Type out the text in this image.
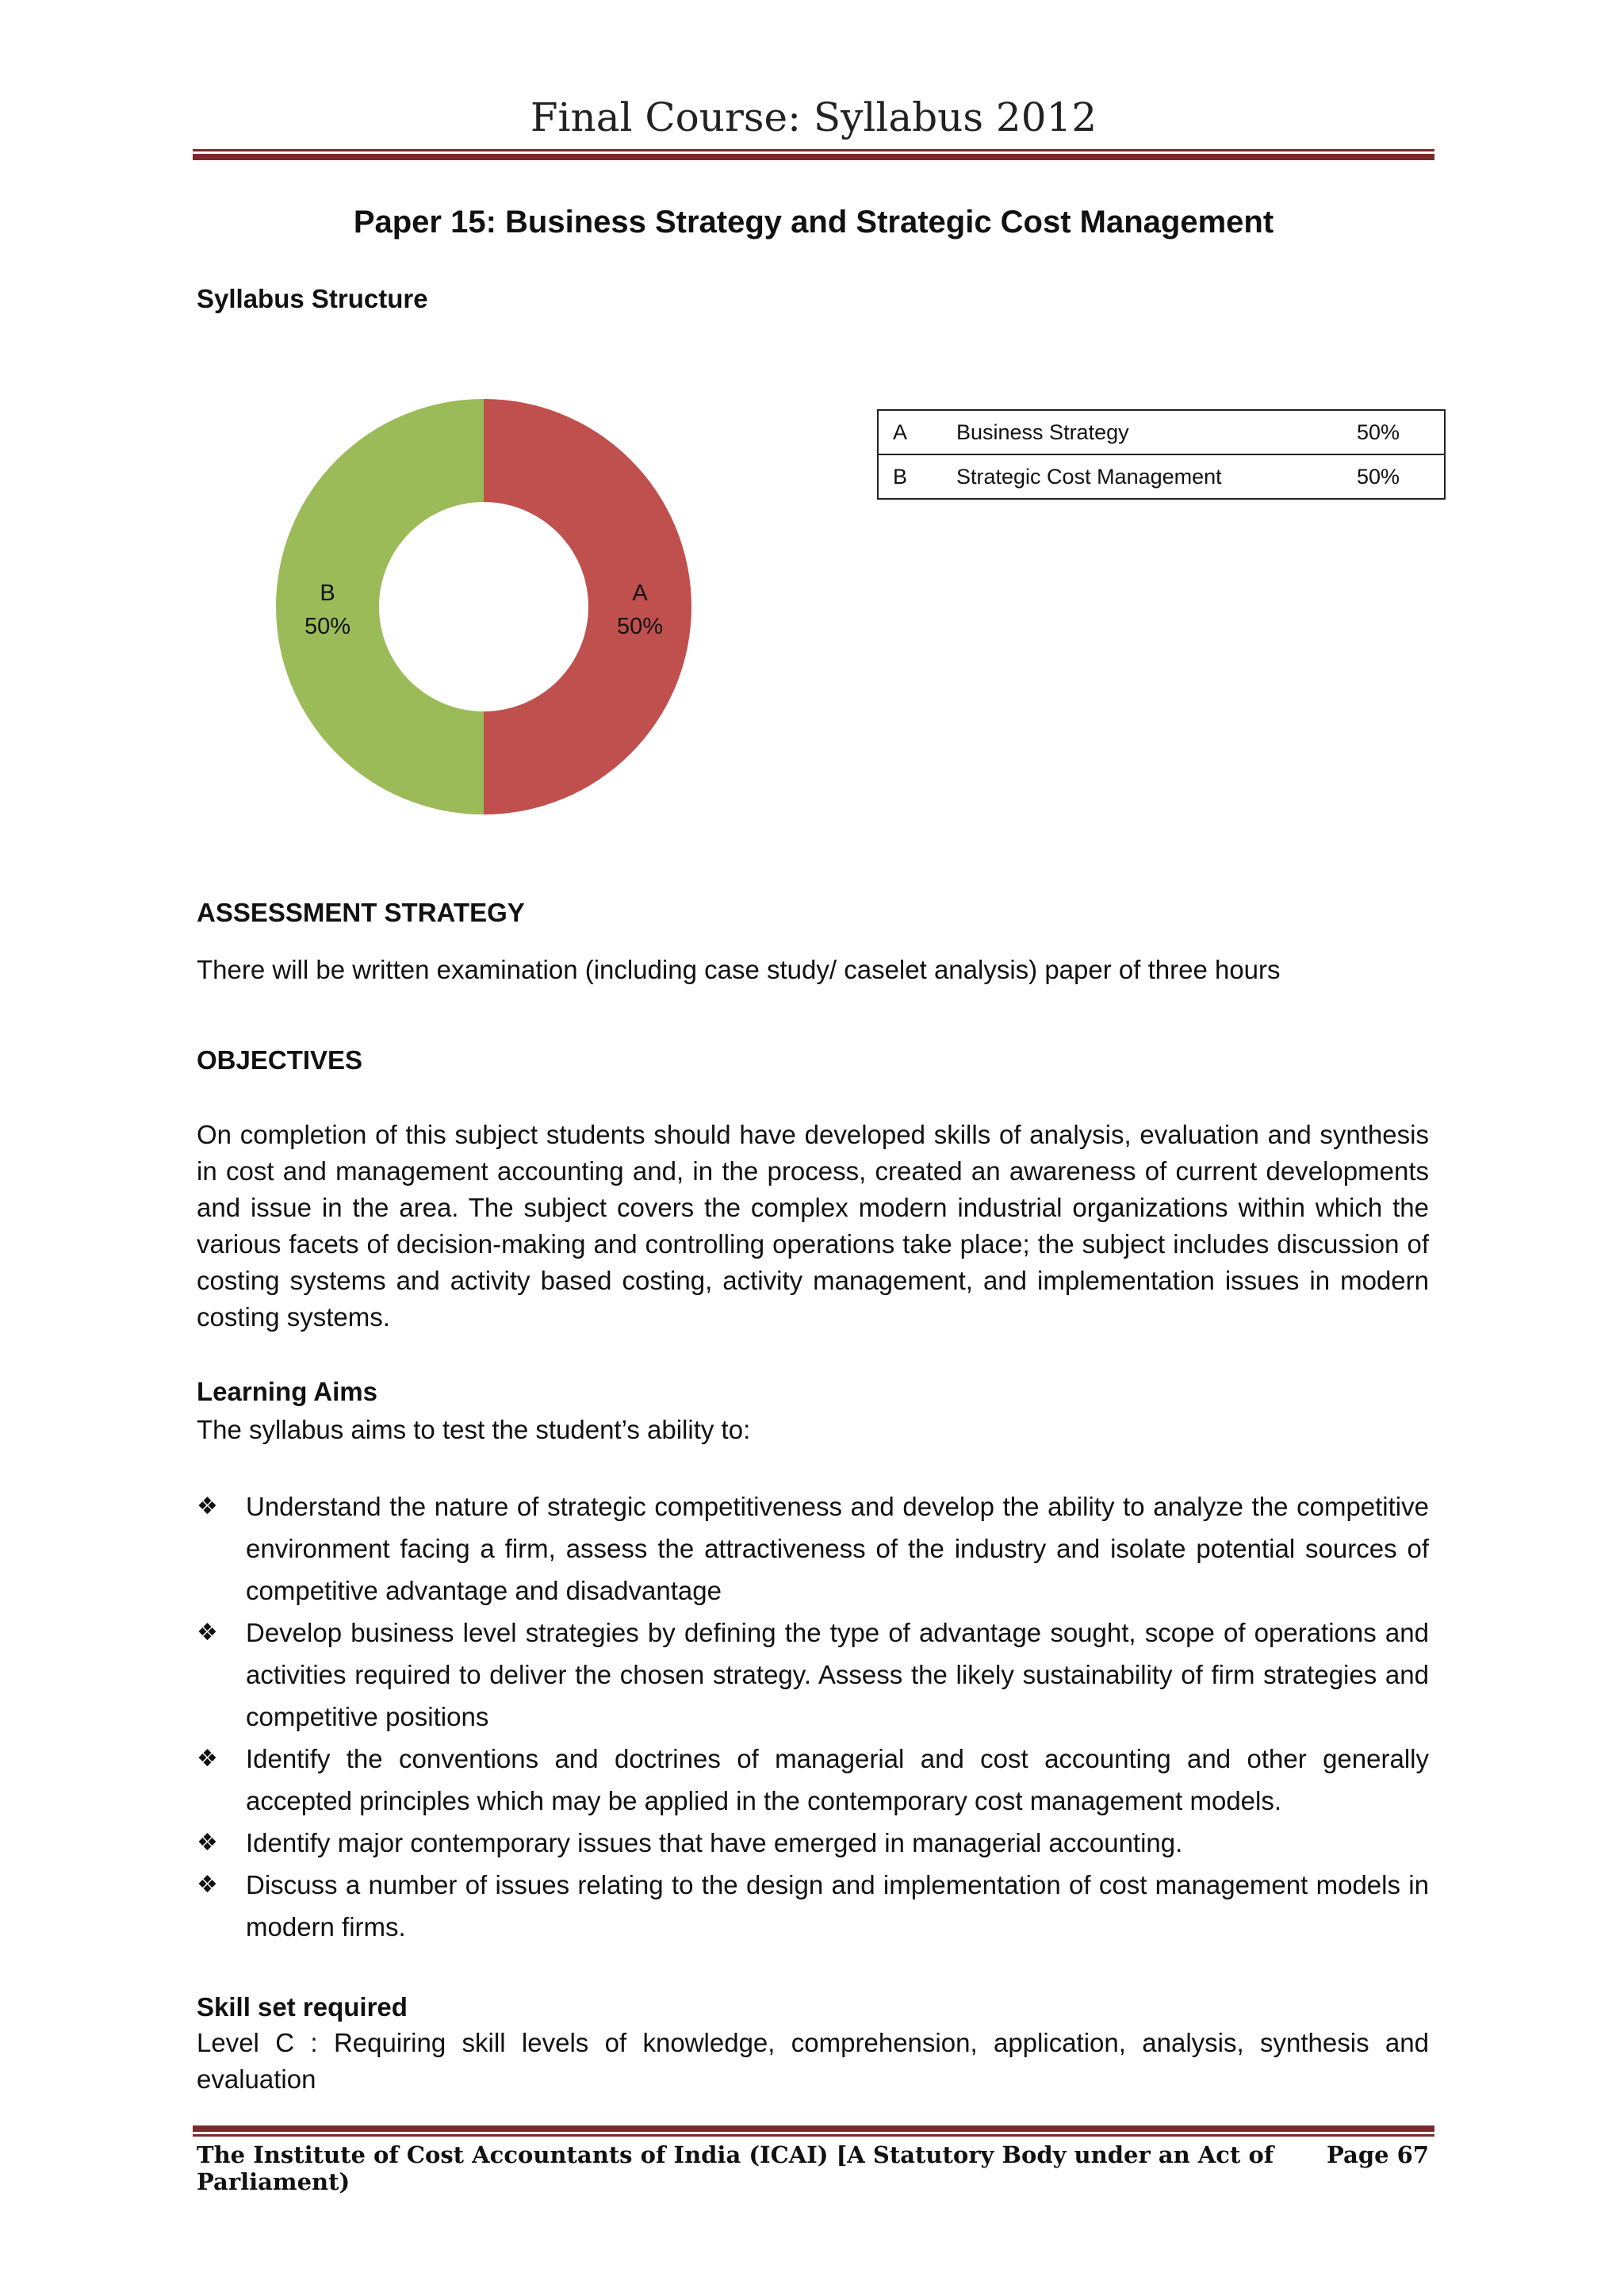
Final Course: Syllabus 2012
Paper 15: Business Strategy and Strategic Cost Management
Syllabus Structure
A
50%
B
50%
A	Business Strategy	50%
B	Strategic Cost Management	50%
ASSESSMENT STRATEGY
There will be written examination (including case study/ caselet analysis) paper of three hours
OBJECTIVES
On completion of this subject students should have developed skills of analysis, evaluation and synthesis in cost and management accounting and, in the process, created an awareness of current developments and issue in the area. The subject covers the complex modern industrial organizations within which the various facets of decision-making and controlling operations take place; the subject includes discussion of costing systems and activity based costing, activity management, and implementation issues in modern costing systems.
Learning Aims
The syllabus aims to test the student’s ability to:
❖ Understand the nature of strategic competitiveness and develop the ability to analyze the competitive environment facing a firm, assess the attractiveness of the industry and isolate potential sources of competitive advantage and disadvantage
❖ Develop business level strategies by defining the type of advantage sought, scope of operations and activities required to deliver the chosen strategy. Assess the likely sustainability of firm strategies and competitive positions
❖ Identify the conventions and doctrines of managerial and cost accounting and other generally accepted principles which may be applied in the contemporary cost management models.
❖ Identify major contemporary issues that have emerged in managerial accounting.
❖ Discuss a number of issues relating to the design and implementation of cost management models in modern firms.
Skill set required
Level C : Requiring skill levels of knowledge, comprehension, application, analysis, synthesis and evaluation
The Institute of Cost Accountants of India (ICAI) [A Statutory Body under an Act of Parliament)
Page 67
